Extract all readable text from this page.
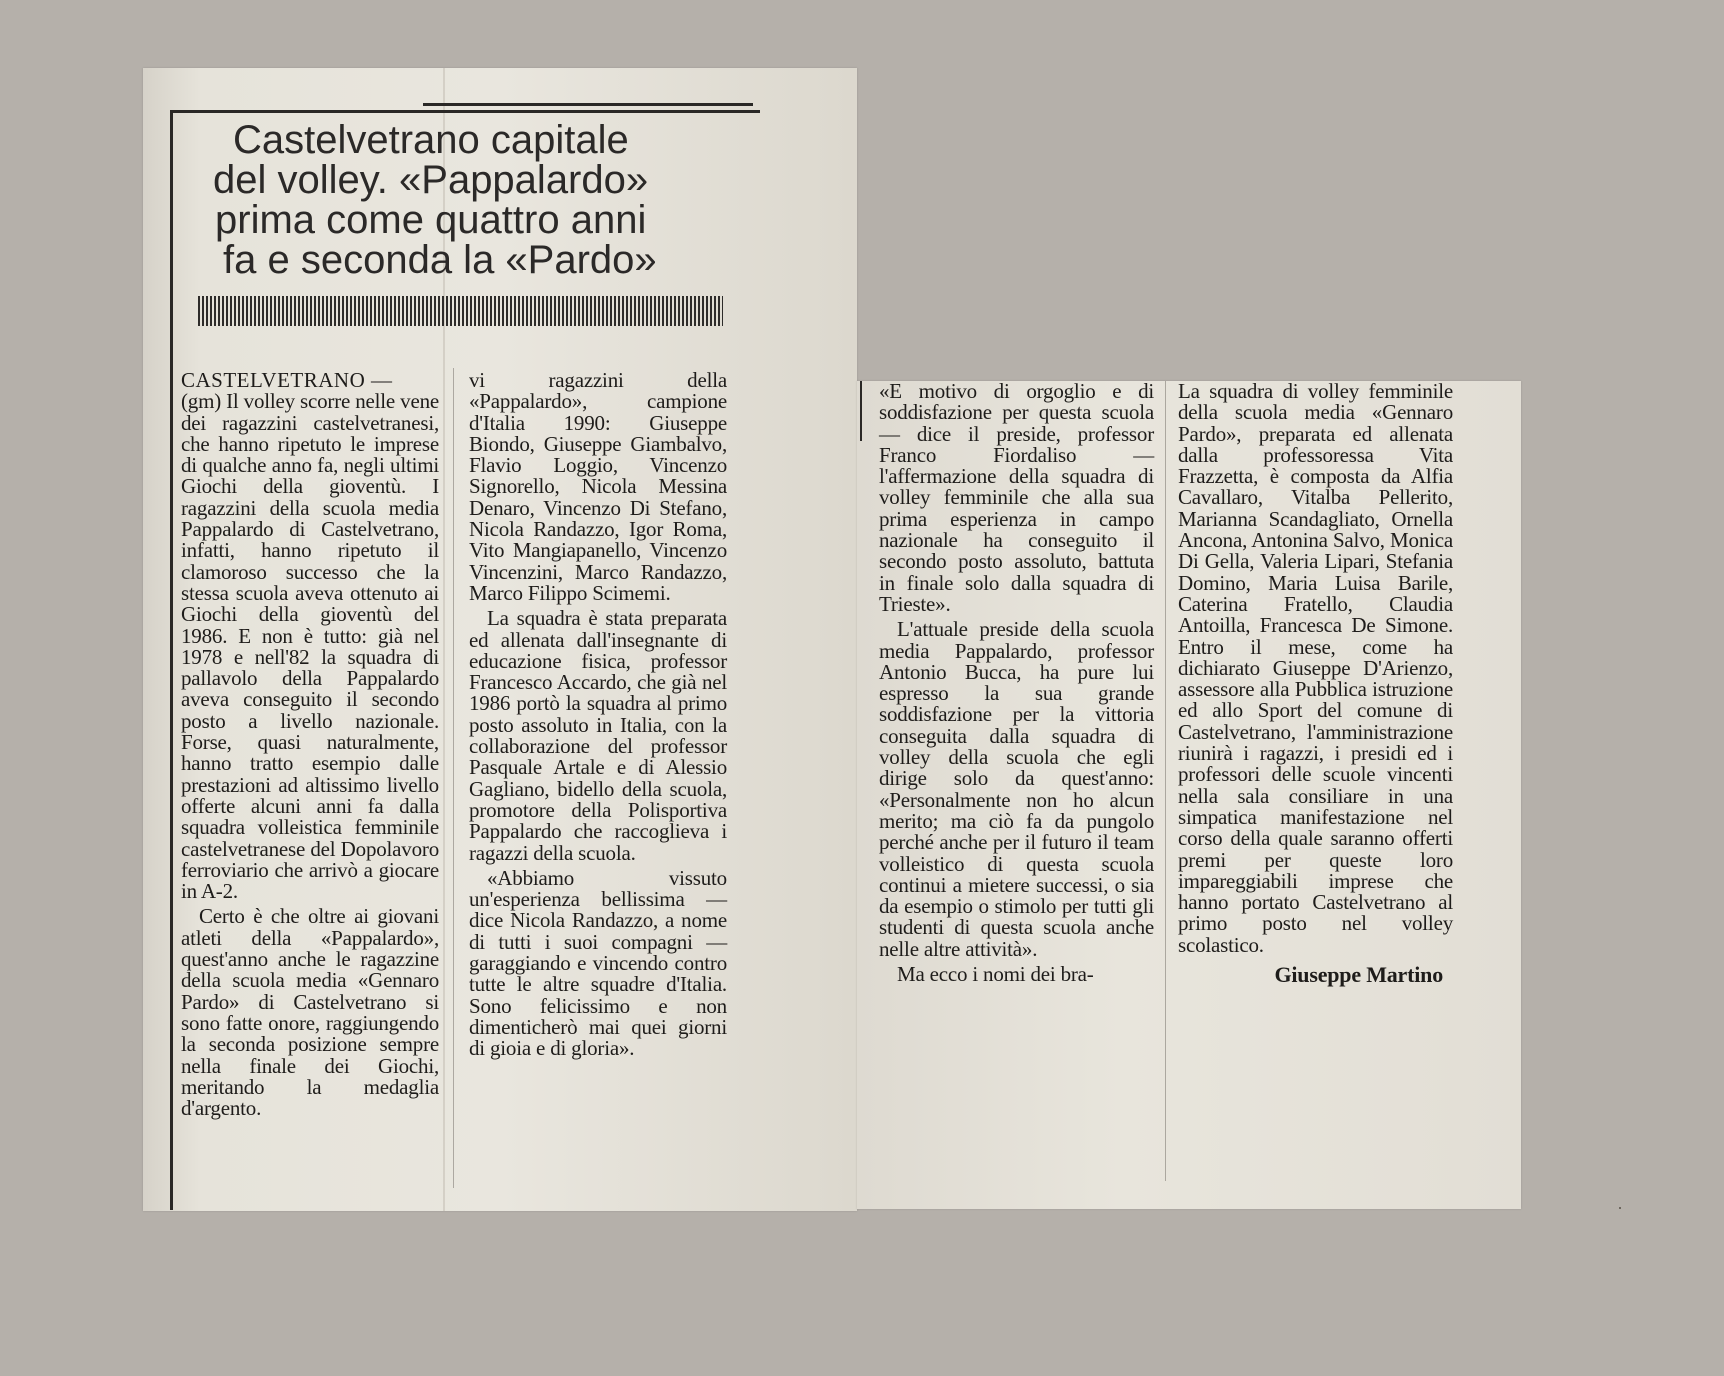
Castelvetrano capitale
del volley. «Pappalardo»
prima come quattro anni
fa e seconda la «Pardo»
CASTELVETRANO —

(gm) Il volley scorre nelle vene dei ragazzini castelvetranesi, che hanno ripetuto le imprese di qualche anno fa, negli ultimi Giochi della gioventù. I ragazzini della scuola media Pappalardo di Castelvetrano, infatti, hanno ripetuto il clamoroso successo che la stessa scuola aveva ottenuto ai Giochi della gioventù del 1986. E non è tutto: già nel 1978 e nell'82 la squadra di pallavolo della Pappalardo aveva conseguito il secondo posto a livello nazionale. Forse, quasi naturalmente, hanno tratto esempio dalle prestazioni ad altissimo livello offerte alcuni anni fa dalla squadra volleistica femminile castelvetranese del Dopolavoro ferroviario che arrivò a giocare in A-2.

Certo è che oltre ai giovani atleti della «Pappalardo», quest'anno anche le ragazzine della scuola media «Gennaro Pardo» di Castelvetrano si sono fatte onore, raggiungendo la seconda posizione sempre nella finale dei Giochi, meritando la medaglia d'argento.

vi ragazzini della «Pappalardo», campione d'Italia 1990: Giuseppe Biondo, Giuseppe Giambalvo, Flavio Loggio, Vincenzo Signorello, Nicola Messina Denaro, Vincenzo Di Stefano, Nicola Randazzo, Igor Roma, Vito Mangiapanello, Vincenzo Vincenzini, Marco Randazzo, Marco Filippo Scimemi.

La squadra è stata preparata ed allenata dall'insegnante di educazione fisica, professor Francesco Accardo, che già nel 1986 portò la squadra al primo posto assoluto in Italia, con la collaborazione del professor Pasquale Artale e di Alessio Gagliano, bidello della scuola, promotore della Polisportiva Pappalardo che raccoglieva i ragazzi della scuola.

«Abbiamo vissuto un'esperienza bellissima — dice Nicola Randazzo, a nome di tutti i suoi compagni — garaggiando e vincendo contro tutte le altre squadre d'Italia. Sono felicissimo e non dimenticherò mai quei giorni di gioia e di gloria».

«E motivo di orgoglio e di soddisfazione per questa scuola — dice il preside, professor Franco Fiordaliso — l'affermazione della squadra di volley femminile che alla sua prima esperienza in campo nazionale ha conseguito il secondo posto assoluto, battuta in finale solo dalla squadra di Trieste».

L'attuale preside della scuola media Pappalardo, professor Antonio Bucca, ha pure lui espresso la sua grande soddisfazione per la vittoria conseguita dalla squadra di volley della scuola che egli dirige solo da quest'anno: «Personalmente non ho alcun merito; ma ciò fa da pungolo perché anche per il futuro il team volleistico di questa scuola continui a mietere successi, o sia da esempio o stimolo per tutti gli studenti di questa scuola anche nelle altre attività».

Ma ecco i nomi dei bra-

La squadra di volley femminile della scuola media «Gennaro Pardo», preparata ed allenata dalla professoressa Vita Frazzetta, è composta da Alfia Cavallaro, Vitalba Pellerito, Marianna Scandagliato, Ornella Ancona, Antonina Salvo, Monica Di Gella, Valeria Lipari, Stefania Domino, Maria Luisa Barile, Caterina Fratello, Claudia Antoilla, Francesca De Simone. Entro il mese, come ha dichiarato Giuseppe D'Arienzo, assessore alla Pubblica istruzione ed allo Sport del comune di Castelvetrano, l'amministrazione riunirà i ragazzi, i presidi ed i professori delle scuole vincenti nella sala consiliare in una simpatica manifestazione nel corso della quale saranno offerti premi per queste loro impareggiabili imprese che hanno portato Castelvetrano al primo posto nel volley scolastico.

Giuseppe Martino
